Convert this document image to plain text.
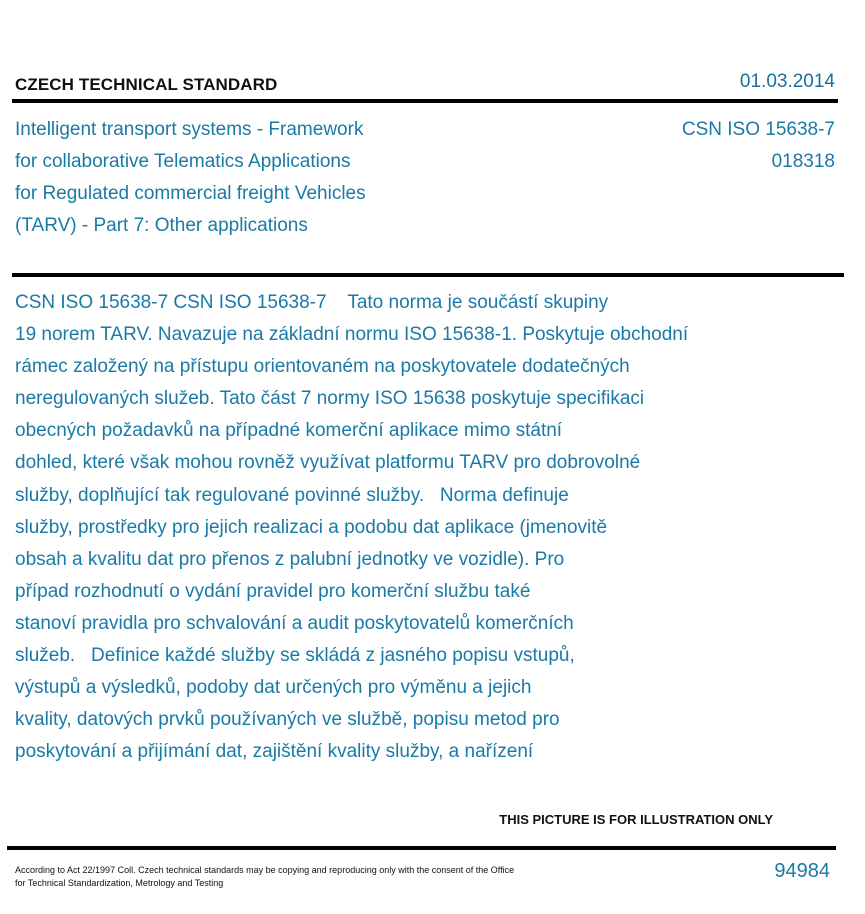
CZECH TECHNICAL STANDARD	01.03.2014
Intelligent transport systems - Framework
for collaborative Telematics Applications
for Regulated commercial freight Vehicles
(TARV) - Part 7: Other applications
CSN ISO 15638-7
018318
CSN ISO 15638-7 CSN ISO 15638-7    Tato norma je součástí skupiny
19 norem TARV. Navazuje na základní normu ISO 15638-1. Poskytuje obchodní
rámec založený na přístupu orientovaném na poskytovatele dodatečných
neregulovaných služeb. Tato část 7 normy ISO 15638 poskytuje specifikaci
obecných požadavků na případné komerční aplikace mimo státní
dohled, které však mohou rovněž využívat platformu TARV pro dobrovolné
služby, doplňující tak regulované povinné služby.   Norma definuje
služby, prostředky pro jejich realizaci a podobu dat aplikace (jmenovitě
obsah a kvalitu dat pro přenos z palubní jednotky ve vozidle). Pro
případ rozhodnutí o vydání pravidel pro komerční službu také
stanoví pravidla pro schvalování a audit poskytovatelů komerčních
služeb.   Definice každé služby se skládá z jasného popisu vstupů,
výstupů a výsledků, podoby dat určených pro výměnu a jejich
kvality, datových prvků používaných ve službě, popisu metod pro
poskytování a přijímání dat, zajištění kvality služby, a nařízení
THIS PICTURE IS FOR ILLUSTRATION ONLY
According to Act 22/1997 Coll. Czech technical standards may be copying and reproducing only with the consent of the Office
for Technical Standardization, Metrology and Testing
94984
